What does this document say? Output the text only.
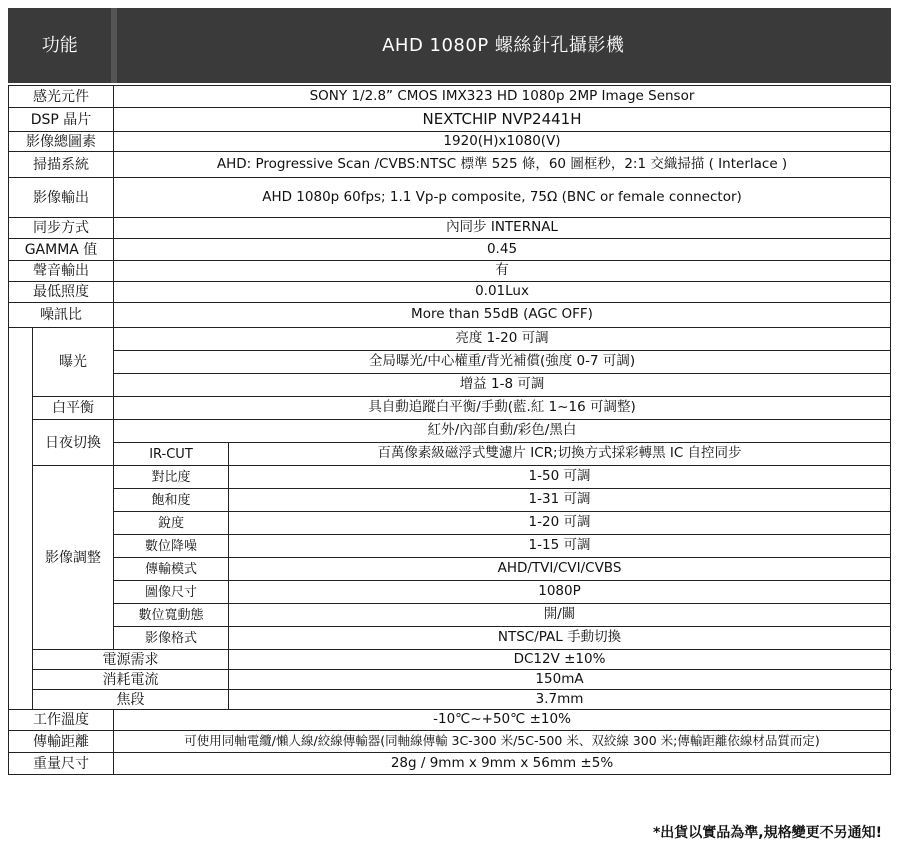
功能		AHD 1080P 螺絲針孔攝影機	

感光元件		SONY 1/2.8” CMOS IMX323 HD 1080p 2MP Image Sensor	
DSP 晶片		NEXTCHIP NVP2441H	
影像總圖素		1920(H)x1080(V)	
掃描系統		AHD: Progressive Scan /CVBS:NTSC 標準 525 條，60 圖框秒，2:1 交織掃描 ( Interlace )	
影像輸出		AHD 1080p 60fps; 1.1 Vp-p composite, 75Ω (BNC or female connector)	
同步方式		內同步 INTERNAL	
GAMMA 值		0.45	
聲音輸出		有	
最低照度		0.01Lux	
噪訊比		More than 55dB (AGC OFF)	
	曝光	亮度 1-20 可調	
		全局曝光/中心權重/背光補償(強度 0-7 可調)	
		增益 1-8 可調	
	白平衡	具自動追蹤白平衡/手動(藍.紅 1~16 可調整)	
	日夜切換	紅外/內部自動/彩色/黑白	
		IR-CUT	百萬像素級磁浮式雙濾片 ICR;切換方式採彩轉黑 IC 自控同步
	影像調整	對比度	1-50 可調
		飽和度	1-31 可調
		銳度	1-20 可調
		數位降噪	1-15 可調
		傳輸模式	AHD/TVI/CVI/CVBS
		圖像尺寸	1080P
		數位寬動態	開/關
		影像格式	NTSC/PAL 手動切換
	電源需求		DC12V ±10%
	消耗電流		150mA
	焦段		3.7mm
工作溫度		-10℃~+50℃ ±10%	
傳輸距離		可使用同軸電纜/懶人線/絞線傳輸器(同軸線傳輸 3C-300 米/5C-500 米、双絞線 300 米;傳輸距離依線材品質而定)	
重量尺寸		28g / 9mm x 9mm x 56mm ±5%	
*出貨以實品為準,規格變更不另通知!
